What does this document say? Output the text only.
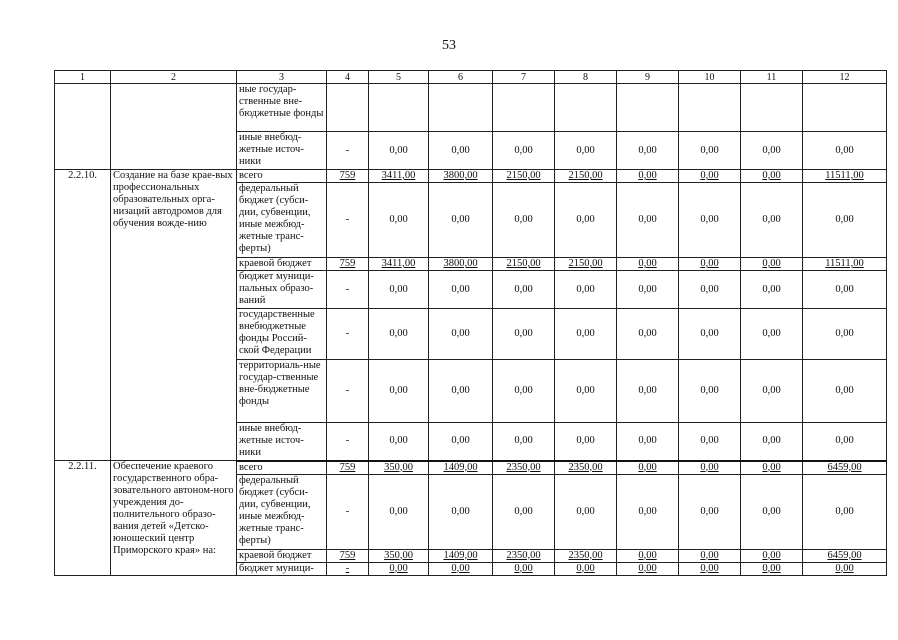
53
1	2	3	4	5	6	7	8	9	10	11	12
		ные государ-ственные вне-бюджетные фонды									
		иные внебюд-жетные источ-ники	-	0,00	0,00	0,00	0,00	0,00	0,00	0,00	0,00
2.2.10.	Создание на базе крае-вых профессиональных образовательных орга-низаций автодромов для обучения вожде-нию	всего	759	3411,00	3800,00	2150,00	2150,00	0,00	0,00	0,00	11511,00
		федеральный бюджет (субси-дии, субвенции, иные межбюд-жетные транс-ферты)	-	0,00	0,00	0,00	0,00	0,00	0,00	0,00	0,00
		краевой бюджет	759	3411,00	3800,00	2150,00	2150,00	0,00	0,00	0,00	11511,00
		бюджет муници-пальных образо-ваний	-	0,00	0,00	0,00	0,00	0,00	0,00	0,00	0,00
		государственные внебюджетные фонды Россий-ской Федерации	-	0,00	0,00	0,00	0,00	0,00	0,00	0,00	0,00
		территориаль-ные государ-ственные вне-бюджетные фонды	-	0,00	0,00	0,00	0,00	0,00	0,00	0,00	0,00
		иные внебюд-жетные источ-ники	-	0,00	0,00	0,00	0,00	0,00	0,00	0,00	0,00
2.2.11.	Обеспечение краевого государственного обра-зовательного автоном-ного учреждения до-полнительного образо-вания детей «Детско-юношеский центр Приморского края» на:	всего	759	350,00	1409,00	2350,00	2350,00	0,00	0,00	0,00	6459,00
		федеральный бюджет (субси-дии, субвенции, иные межбюд-жетные транс-ферты)	-	0,00	0,00	0,00	0,00	0,00	0,00	0,00	0,00
		краевой бюджет	759	350,00	1409,00	2350,00	2350,00	0,00	0,00	0,00	6459,00
		бюджет муници-	-	0,00	0,00	0,00	0,00	0,00	0,00	0,00	0,00
